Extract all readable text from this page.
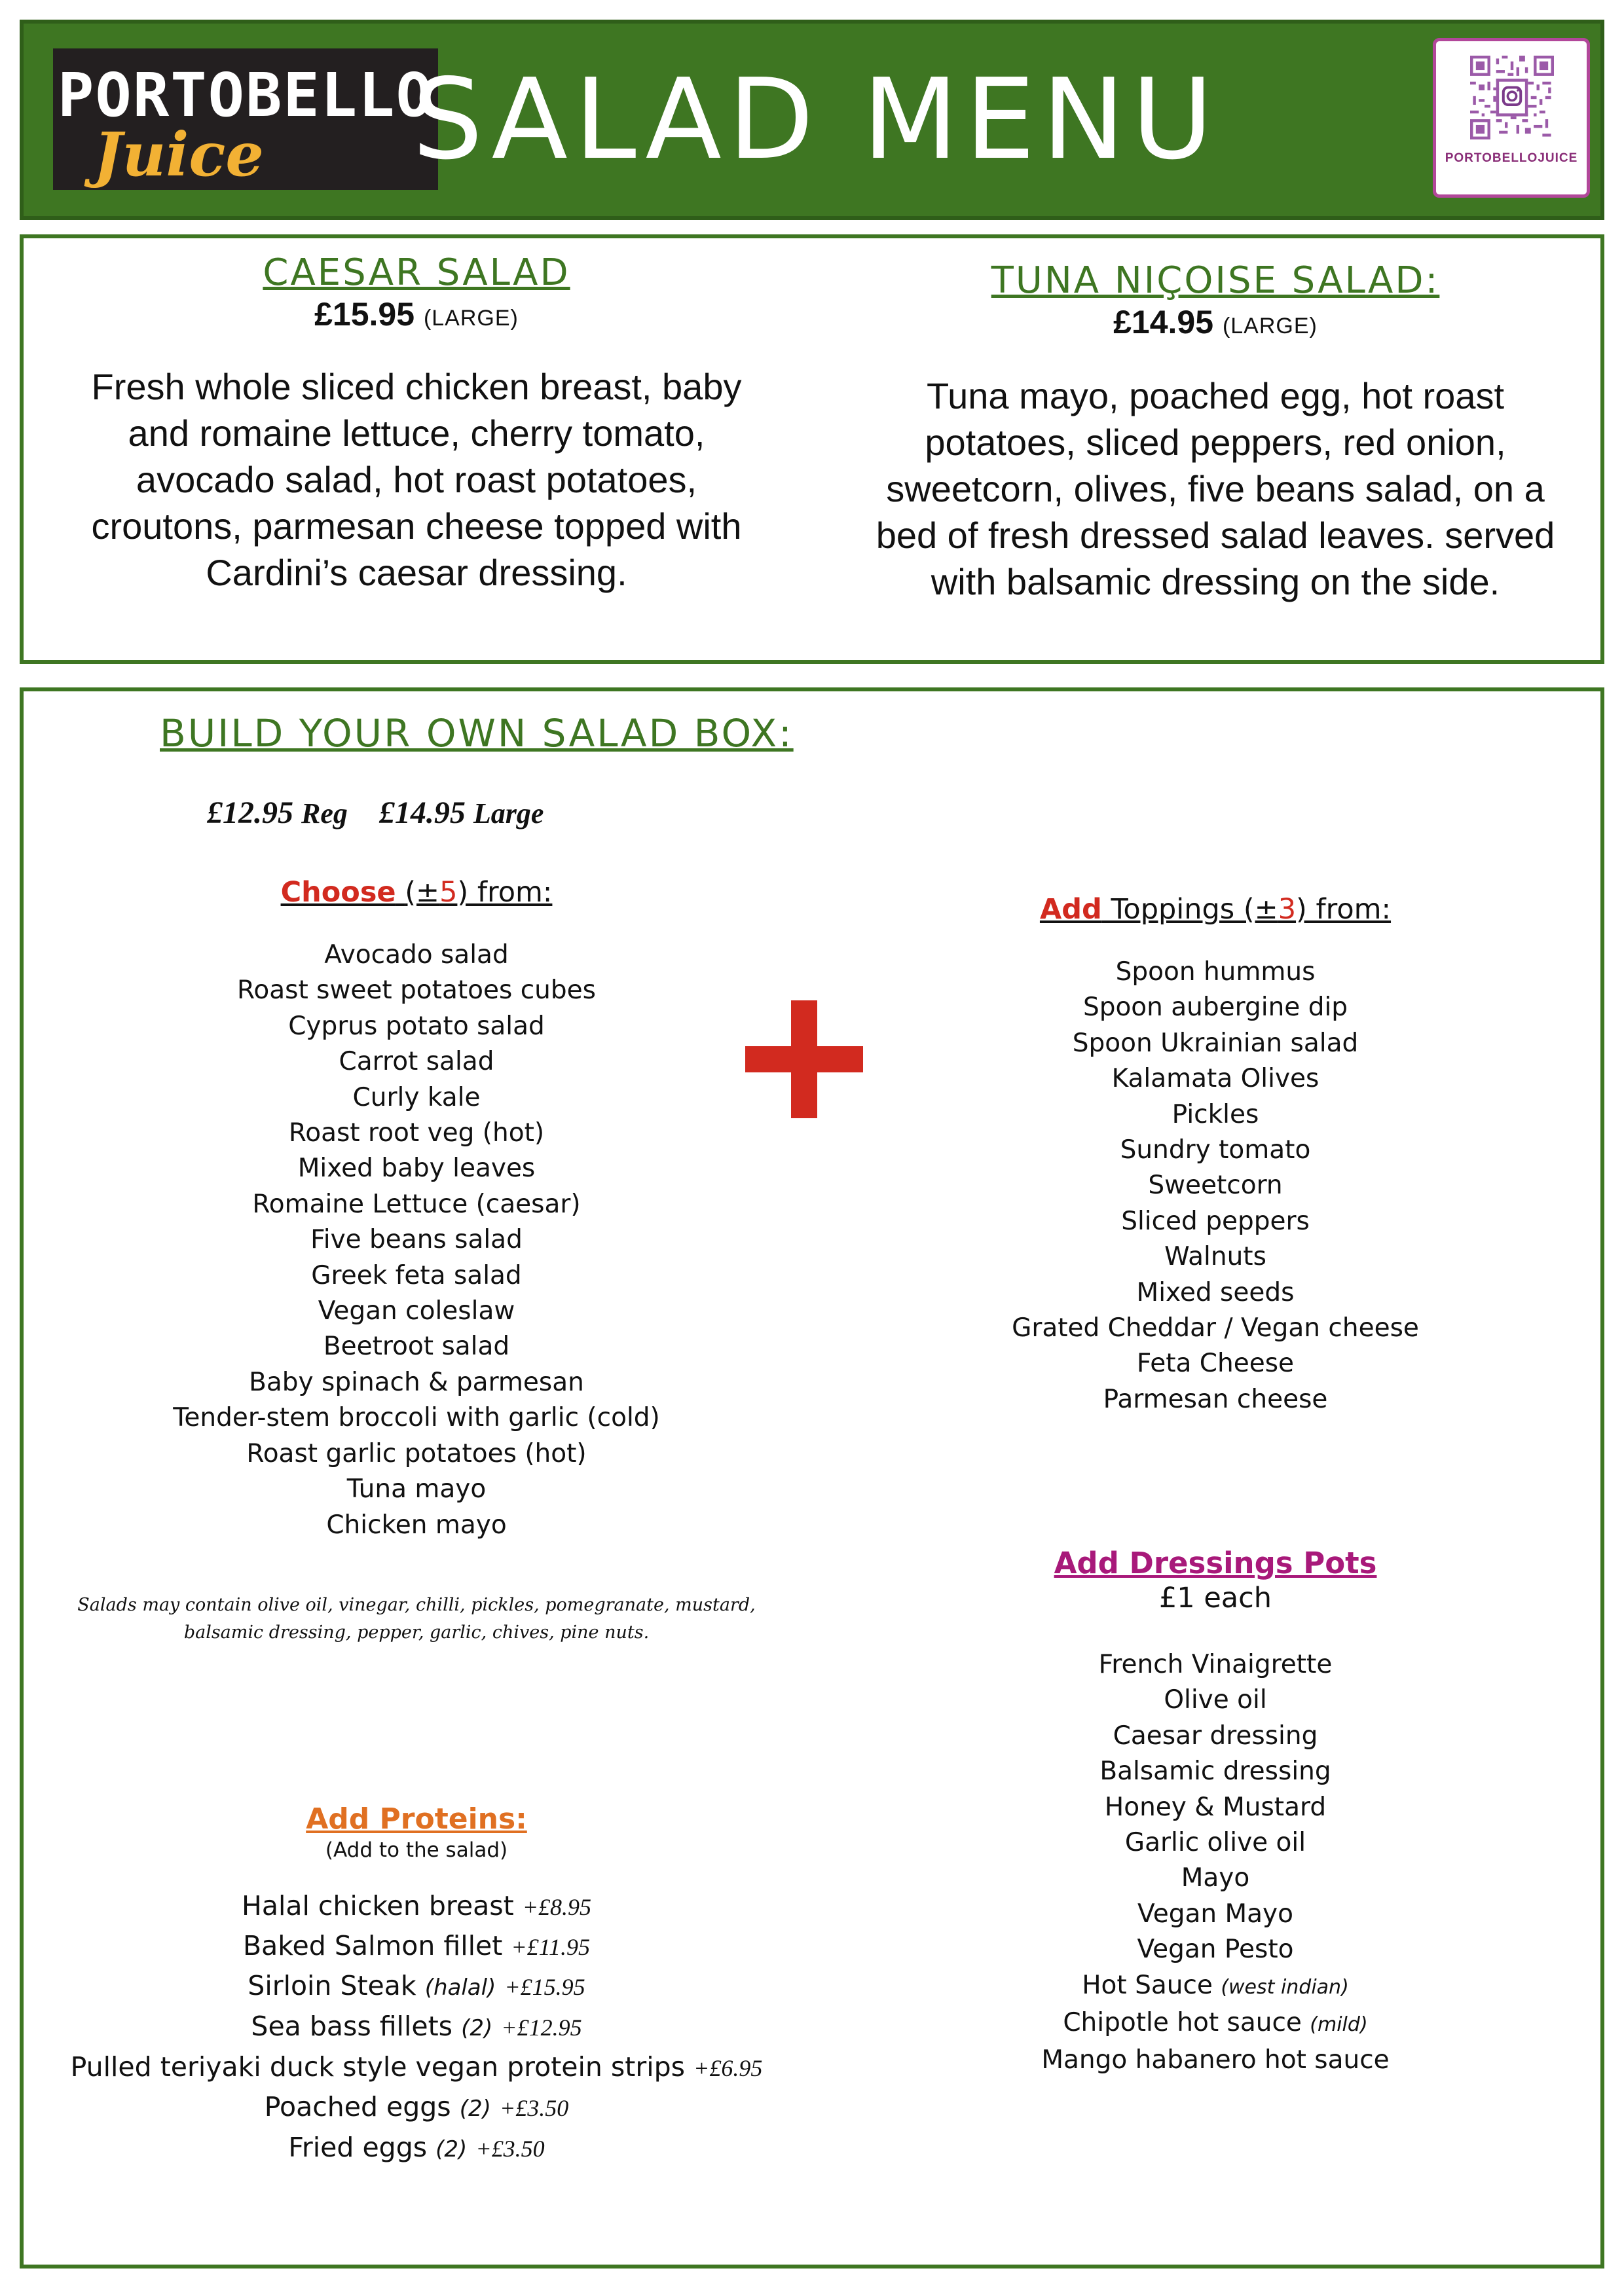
PORTOBELLO
Juice	SALAD MENU	PORTOBELLOJUICE
CAESAR SALAD
£15.95 (LARGE)
Fresh whole sliced chicken breast, baby
and romaine lettuce, cherry tomato,
avocado salad, hot roast potatoes,
croutons, parmesan cheese topped with
Cardini’s caesar dressing.
TUNA NIÇOISE SALAD:
£14.95 (LARGE)
Tuna mayo, poached egg, hot roast
potatoes, sliced peppers, red onion,
sweetcorn, olives, five beans salad, on a
bed of fresh dressed salad leaves. served
with balsamic dressing on the side.
BUILD YOUR OWN SALAD BOX:
£12.95 Reg £14.95 Large
Choose (±5) from:
Avocado salad
Roast sweet potatoes cubes
Cyprus potato salad
Carrot salad
Curly kale
Roast root veg (hot)
Mixed baby leaves
Romaine Lettuce (caesar)
Five beans salad
Greek feta salad
Vegan coleslaw
Beetroot salad
Baby spinach & parmesan
Tender-stem broccoli with garlic (cold)
Roast garlic potatoes (hot)
Tuna mayo
Chicken mayo
Add Toppings (±3) from:
Spoon hummus
Spoon aubergine dip
Spoon Ukrainian salad
Kalamata Olives
Pickles
Sundry tomato
Sweetcorn
Sliced peppers
Walnuts
Mixed seeds
Grated Cheddar / Vegan cheese
Feta Cheese
Parmesan cheese
Salads may contain olive oil, vinegar, chilli, pickles, pomegranate, mustard,
balsamic dressing, pepper, garlic, chives, pine nuts.
Add Proteins:
(Add to the salad)
Halal chicken breast +£8.95
Baked Salmon fillet +£11.95
Sirloin Steak (halal) +£15.95
Sea bass fillets (2) +£12.95
Pulled teriyaki duck style vegan protein strips +£6.95
Poached eggs (2) +£3.50
Fried eggs (2) +£3.50
Add Dressings Pots
£1 each
French Vinaigrette
Olive oil
Caesar dressing
Balsamic dressing
Honey & Mustard
Garlic olive oil
Mayo
Vegan Mayo
Vegan Pesto
Hot Sauce (west indian)
Chipotle hot sauce (mild)
Mango habanero hot sauce
